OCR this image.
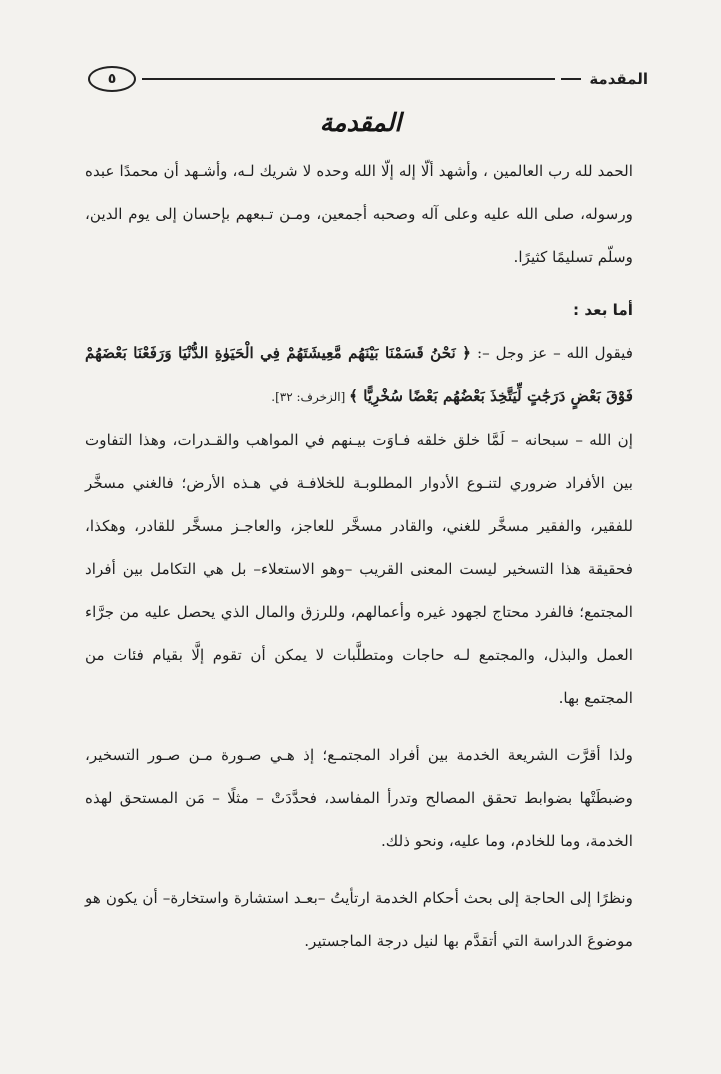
المقدمة
٥
المقدمة

الحمد لله رب العالمين ، وأشهد ألّا إله إلّا الله وحده لا شريك لـه، وأشـهد أن محمدًا عبده ورسوله، صلى الله عليه وعلى آله وصحبه أجمعين، ومـن تـبعهم بإحسان إلى يوم الدين، وسلّم تسليمًا كثيرًا.

أما بعد :

فيقول الله – عز وجل –: ﴿ نَحْنُ قَسَمْنَا بَيْنَهُم مَّعِيشَتَهُمْ فِي الْحَيَوٰةِ الدُّنْيَا وَرَفَعْنَا بَعْضَهُمْ فَوْقَ بَعْضٍ دَرَجَٰتٍ لِّيَتَّخِذَ بَعْضُهُم بَعْضًا سُخْرِيًّا ﴾ [الزخرف: ٣٢].

إن الله – سبحانه – لَمَّا خلق خلقه فـاوَت بيـنهم في المواهب والقـدرات، وهذا التفاوت بين الأفراد ضروري لتنـوع الأدوار المطلوبـة للخلافـة في هـذه الأرض؛ فالغني مسخَّر للفقير، والفقير مسخَّر للغني، والقادر مسخَّر للعاجز، والعاجـز مسخَّر للقادر، وهكذا، فحقيقة هذا التسخير ليست المعنى القريب –وهو الاستعلاء– بل هي التكامل بين أفراد المجتمع؛ فالفرد محتاج لجهود غيره وأعمالهم، وللرزق والمال الذي يحصل عليه من جرَّاء العمل والبذل، والمجتمع لـه حاجات ومتطلَّبات لا يمكن أن تقوم إلَّا بقيام فئات من المجتمع بها.

ولذا أقرَّت الشريعة الخدمة بين أفراد المجتمـع؛ إذ هـي صـورة مـن صـور التسخير، وضبطَتْها بضوابط تحقق المصالح وتدرأ المفاسد، فحدَّدَتْ – مثلًا – مَن المستحق لهذه الخدمة، وما للخادم، وما عليه، ونحو ذلك.

ونظرًا إلى الحاجة إلى بحث أحكام الخدمة ارتأيتُ –بعـد استشارة واستخارة– أن يكون هو موضوعَ الدراسة التي أتقدَّم بها لنيل درجة الماجستير.
